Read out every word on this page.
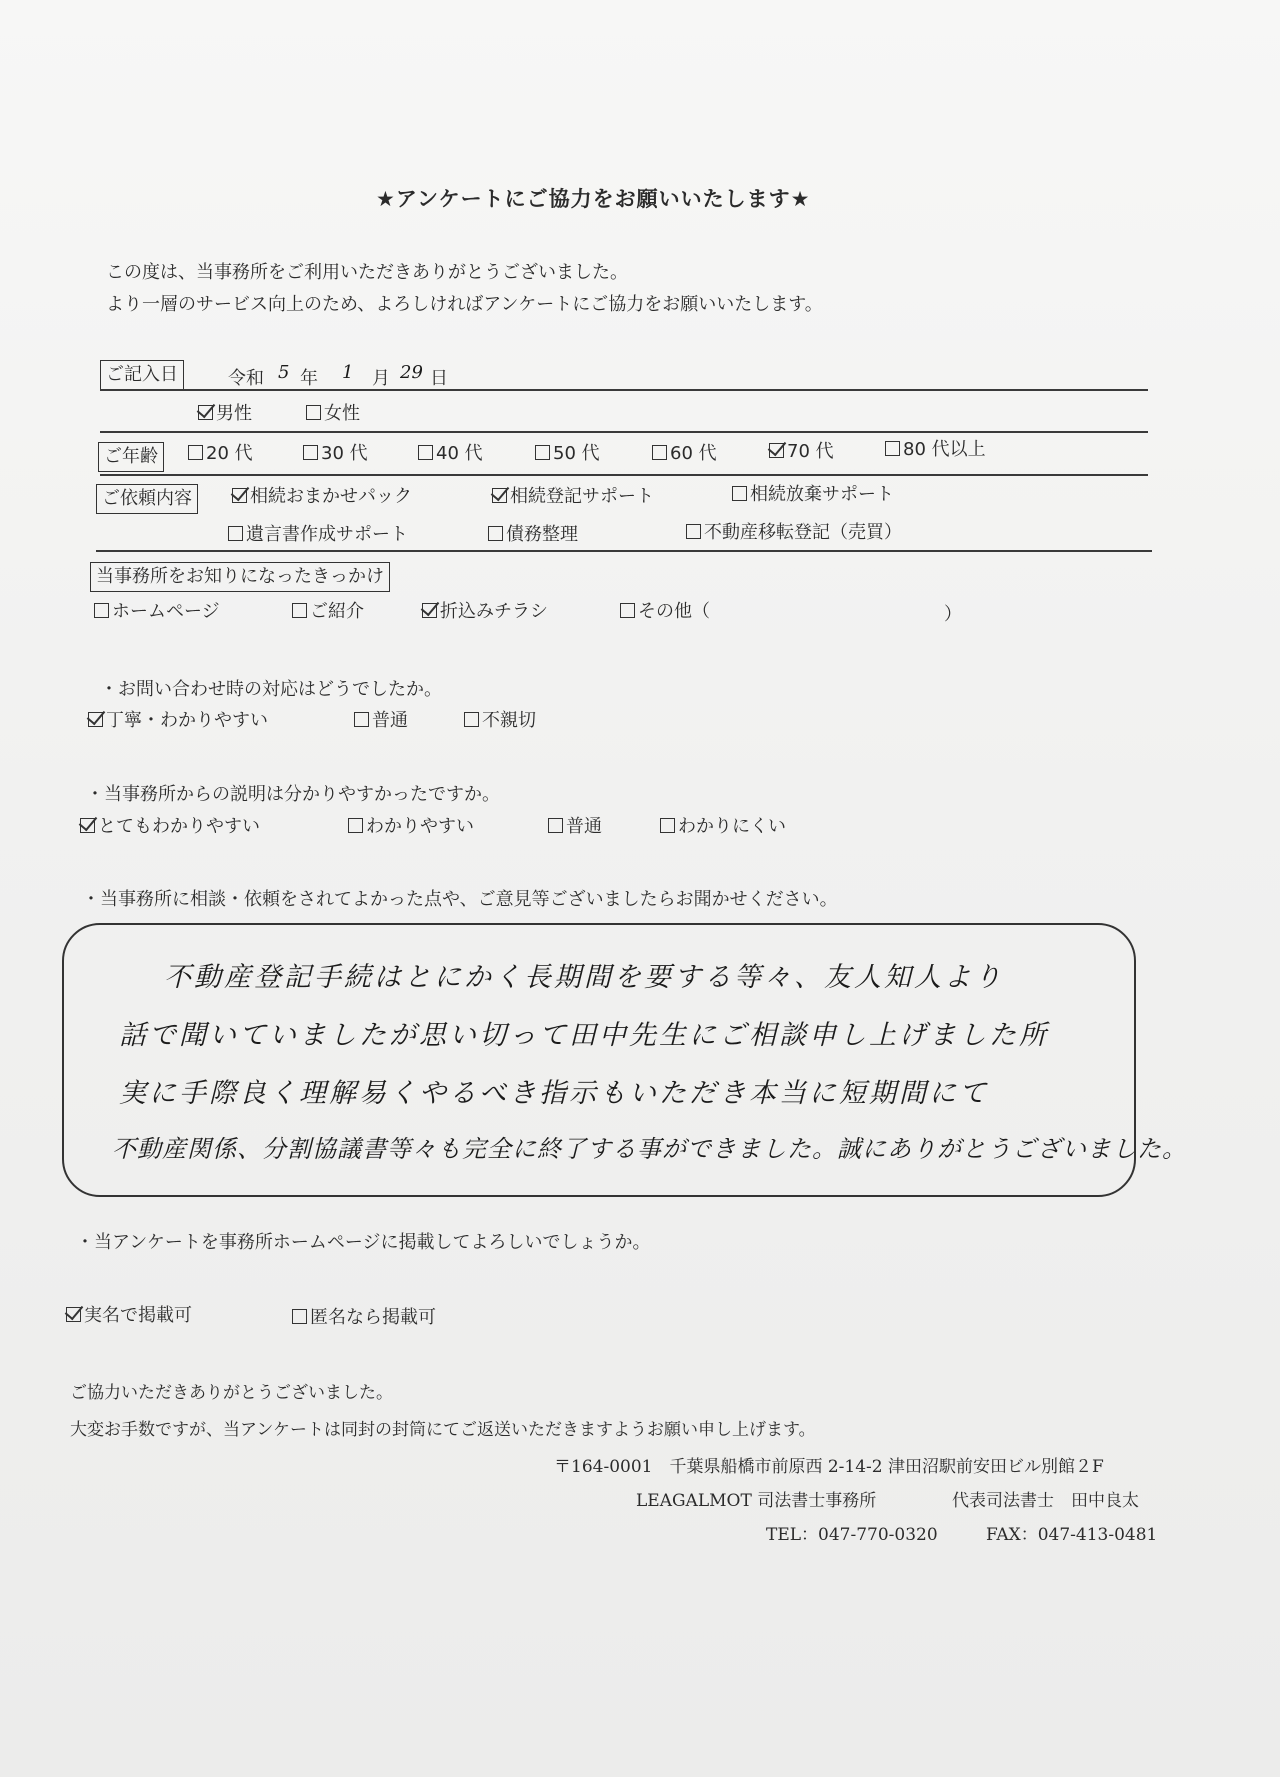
★アンケートにご協力をお願いいたします★
この度は、当事務所をご利用いただきありがとうございました。
より一層のサービス向上のため、よろしければアンケートにご協力をお願いいたします。
ご記入日	令和 5 年 1 月 29 日
男性	女性
ご年齢	20 代	30 代	40 代	50 代	60 代	70 代	80 代以上
ご依頼内容	相続おまかせパック	相続登記サポート	相続放棄サポート
遺言書作成サポート	債務整理	不動産移転登記（売買）
当事務所をお知りになったきっかけ
ホームページ	ご紹介	折込みチラシ	その他（	）
・お問い合わせ時の対応はどうでしたか。
丁寧・わかりやすい	普通	不親切
・当事務所からの説明は分かりやすかったですか。
とてもわかりやすい	わかりやすい	普通	わかりにくい
・当事務所に相談・依頼をされてよかった点や、ご意見等ございましたらお聞かせください。
不動産登記手続はとにかく長期間を要する等々、友人知人より
話で聞いていましたが思い切って田中先生にご相談申し上げました所
実に手際良く理解易くやるべき指示もいただき本当に短期間にて
不動産関係、分割協議書等々も完全に終了する事ができました。誠にありがとうございました。
・当アンケートを事務所ホームページに掲載してよろしいでしょうか。
実名で掲載可	匿名なら掲載可
ご協力いただきありがとうございました。
大変お手数ですが、当アンケートは同封の封筒にてご返送いただきますようお願い申し上げます。
〒164-0001　千葉県船橋市前原西 2-14-2 津田沼駅前安田ビル別館２F
LEAGALMOT 司法書士事務所	代表司法書士　田中良太
TEL：047-770-0320	FAX：047-413-0481
